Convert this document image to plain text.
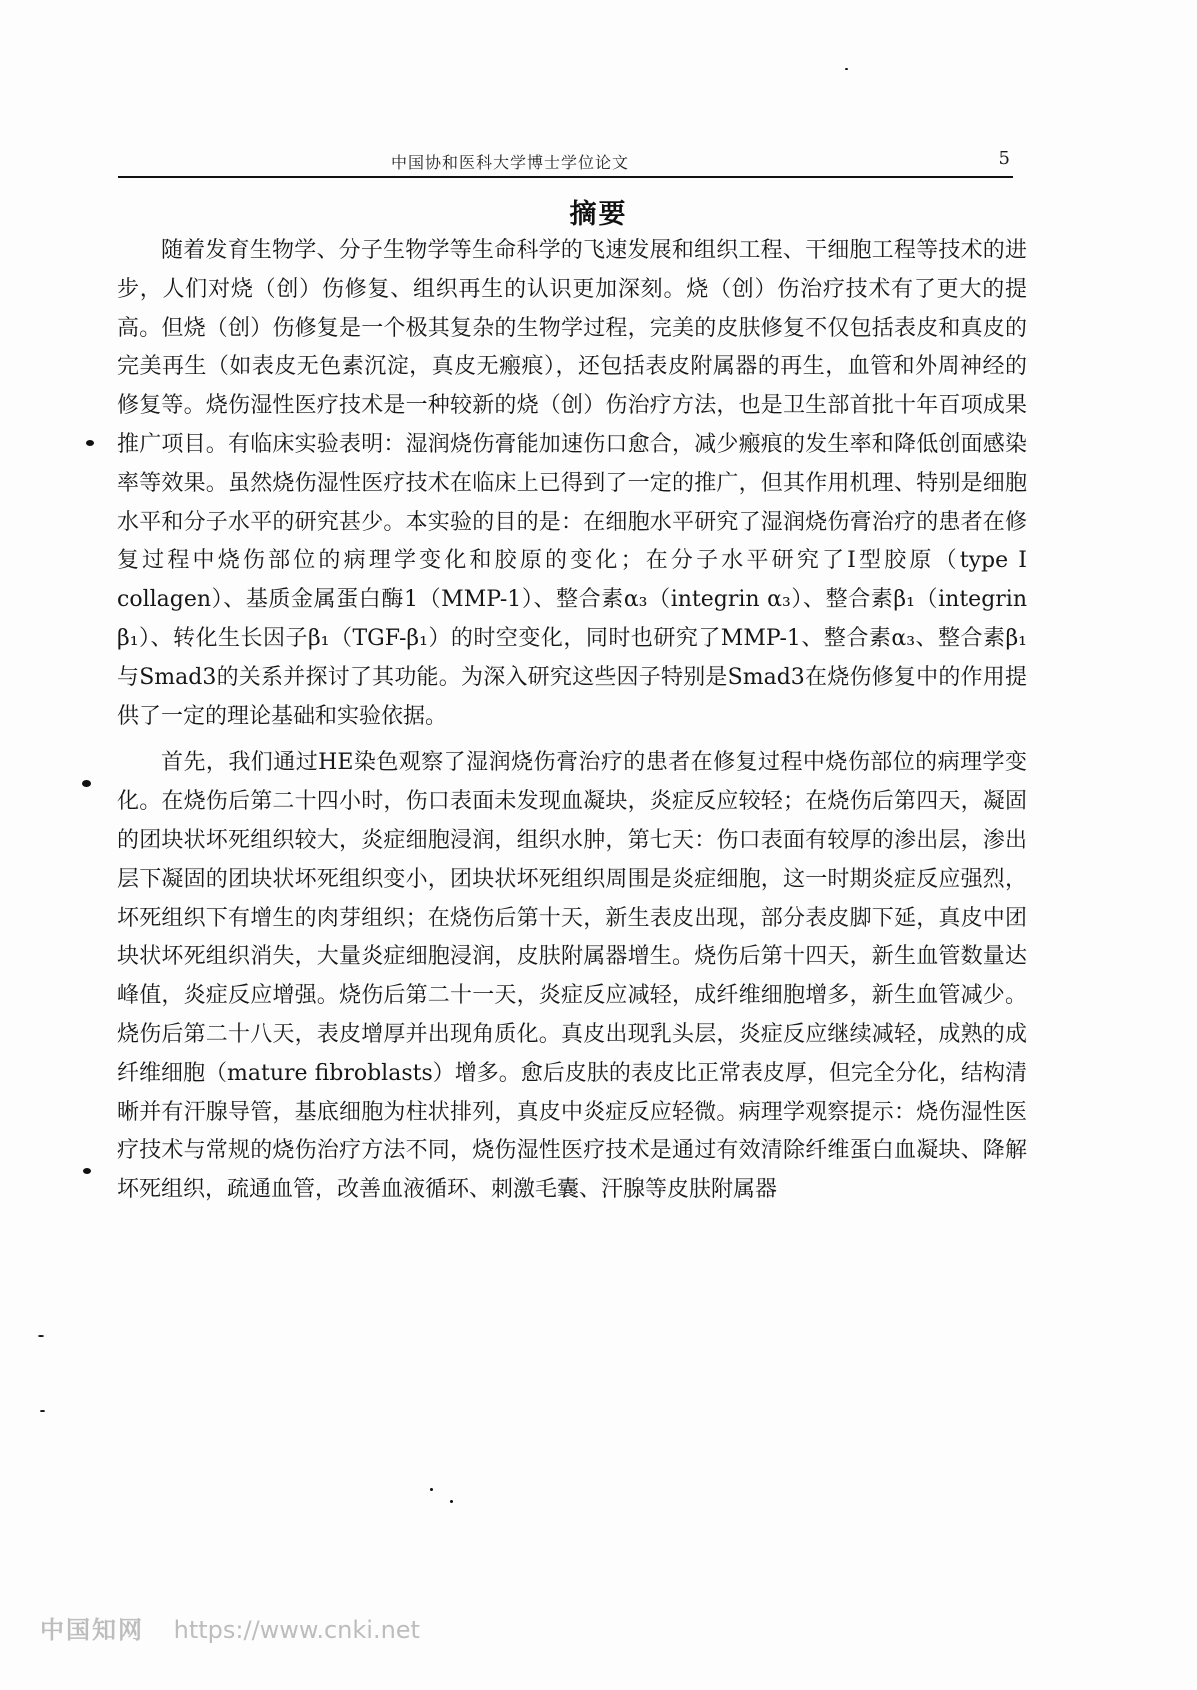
中国协和医科大学博士学位论文	5
摘要

随着发育生物学、分子生物学等生命科学的飞速发展和组织工程、干细胞工程等技术的进步，人们对烧（创）伤修复、组织再生的认识更加深刻。烧（创）伤治疗技术有了更大的提高。但烧（创）伤修复是一个极其复杂的生物学过程，完美的皮肤修复不仅包括表皮和真皮的完美再生（如表皮无色素沉淀，真皮无瘢痕），还包括表皮附属器的再生，血管和外周神经的修复等。烧伤湿性医疗技术是一种较新的烧（创）伤治疗方法，也是卫生部首批十年百项成果推广项目。有临床实验表明：湿润烧伤膏能加速伤口愈合，减少瘢痕的发生率和降低创面感染率等效果。虽然烧伤湿性医疗技术在临床上已得到了一定的推广，但其作用机理、特别是细胞水平和分子水平的研究甚少。本实验的目的是：在细胞水平研究了湿润烧伤膏治疗的患者在修复过程中烧伤部位的病理学变化和胶原的变化；在分子水平研究了I型胶原（type I collagen）、基质金属蛋白酶1（MMP-1）、整合素α₃（integrin α₃）、整合素β₁（integrin β₁）、转化生长因子β₁（TGF-β₁）的时空变化，同时也研究了MMP-1、整合素α₃、整合素β₁与Smad3的关系并探讨了其功能。为深入研究这些因子特别是Smad3在烧伤修复中的作用提供了一定的理论基础和实验依据。

首先，我们通过HE染色观察了湿润烧伤膏治疗的患者在修复过程中烧伤部位的病理学变化。在烧伤后第二十四小时，伤口表面未发现血凝块，炎症反应较轻；在烧伤后第四天，凝固的团块状坏死组织较大，炎症细胞浸润，组织水肿，第七天：伤口表面有较厚的渗出层，渗出层下凝固的团块状坏死组织变小，团块状坏死组织周围是炎症细胞，这一时期炎症反应强烈，坏死组织下有增生的肉芽组织；在烧伤后第十天，新生表皮出现，部分表皮脚下延，真皮中团块状坏死组织消失，大量炎症细胞浸润，皮肤附属器增生。烧伤后第十四天，新生血管数量达峰值，炎症反应增强。烧伤后第二十一天，炎症反应减轻，成纤维细胞增多，新生血管减少。烧伤后第二十八天，表皮增厚并出现角质化。真皮出现乳头层，炎症反应继续减轻，成熟的成纤维细胞（mature fibroblasts）增多。愈后皮肤的表皮比正常表皮厚，但完全分化，结构清晰并有汗腺导管，基底细胞为柱状排列，真皮中炎症反应轻微。病理学观察提示：烧伤湿性医疗技术与常规的烧伤治疗方法不同，烧伤湿性医疗技术是通过有效清除纤维蛋白血凝块、降解坏死组织，疏通血管，改善血液循环、刺激毛囊、汗腺等皮肤附属器

中国知网 https://www.cnki.net
